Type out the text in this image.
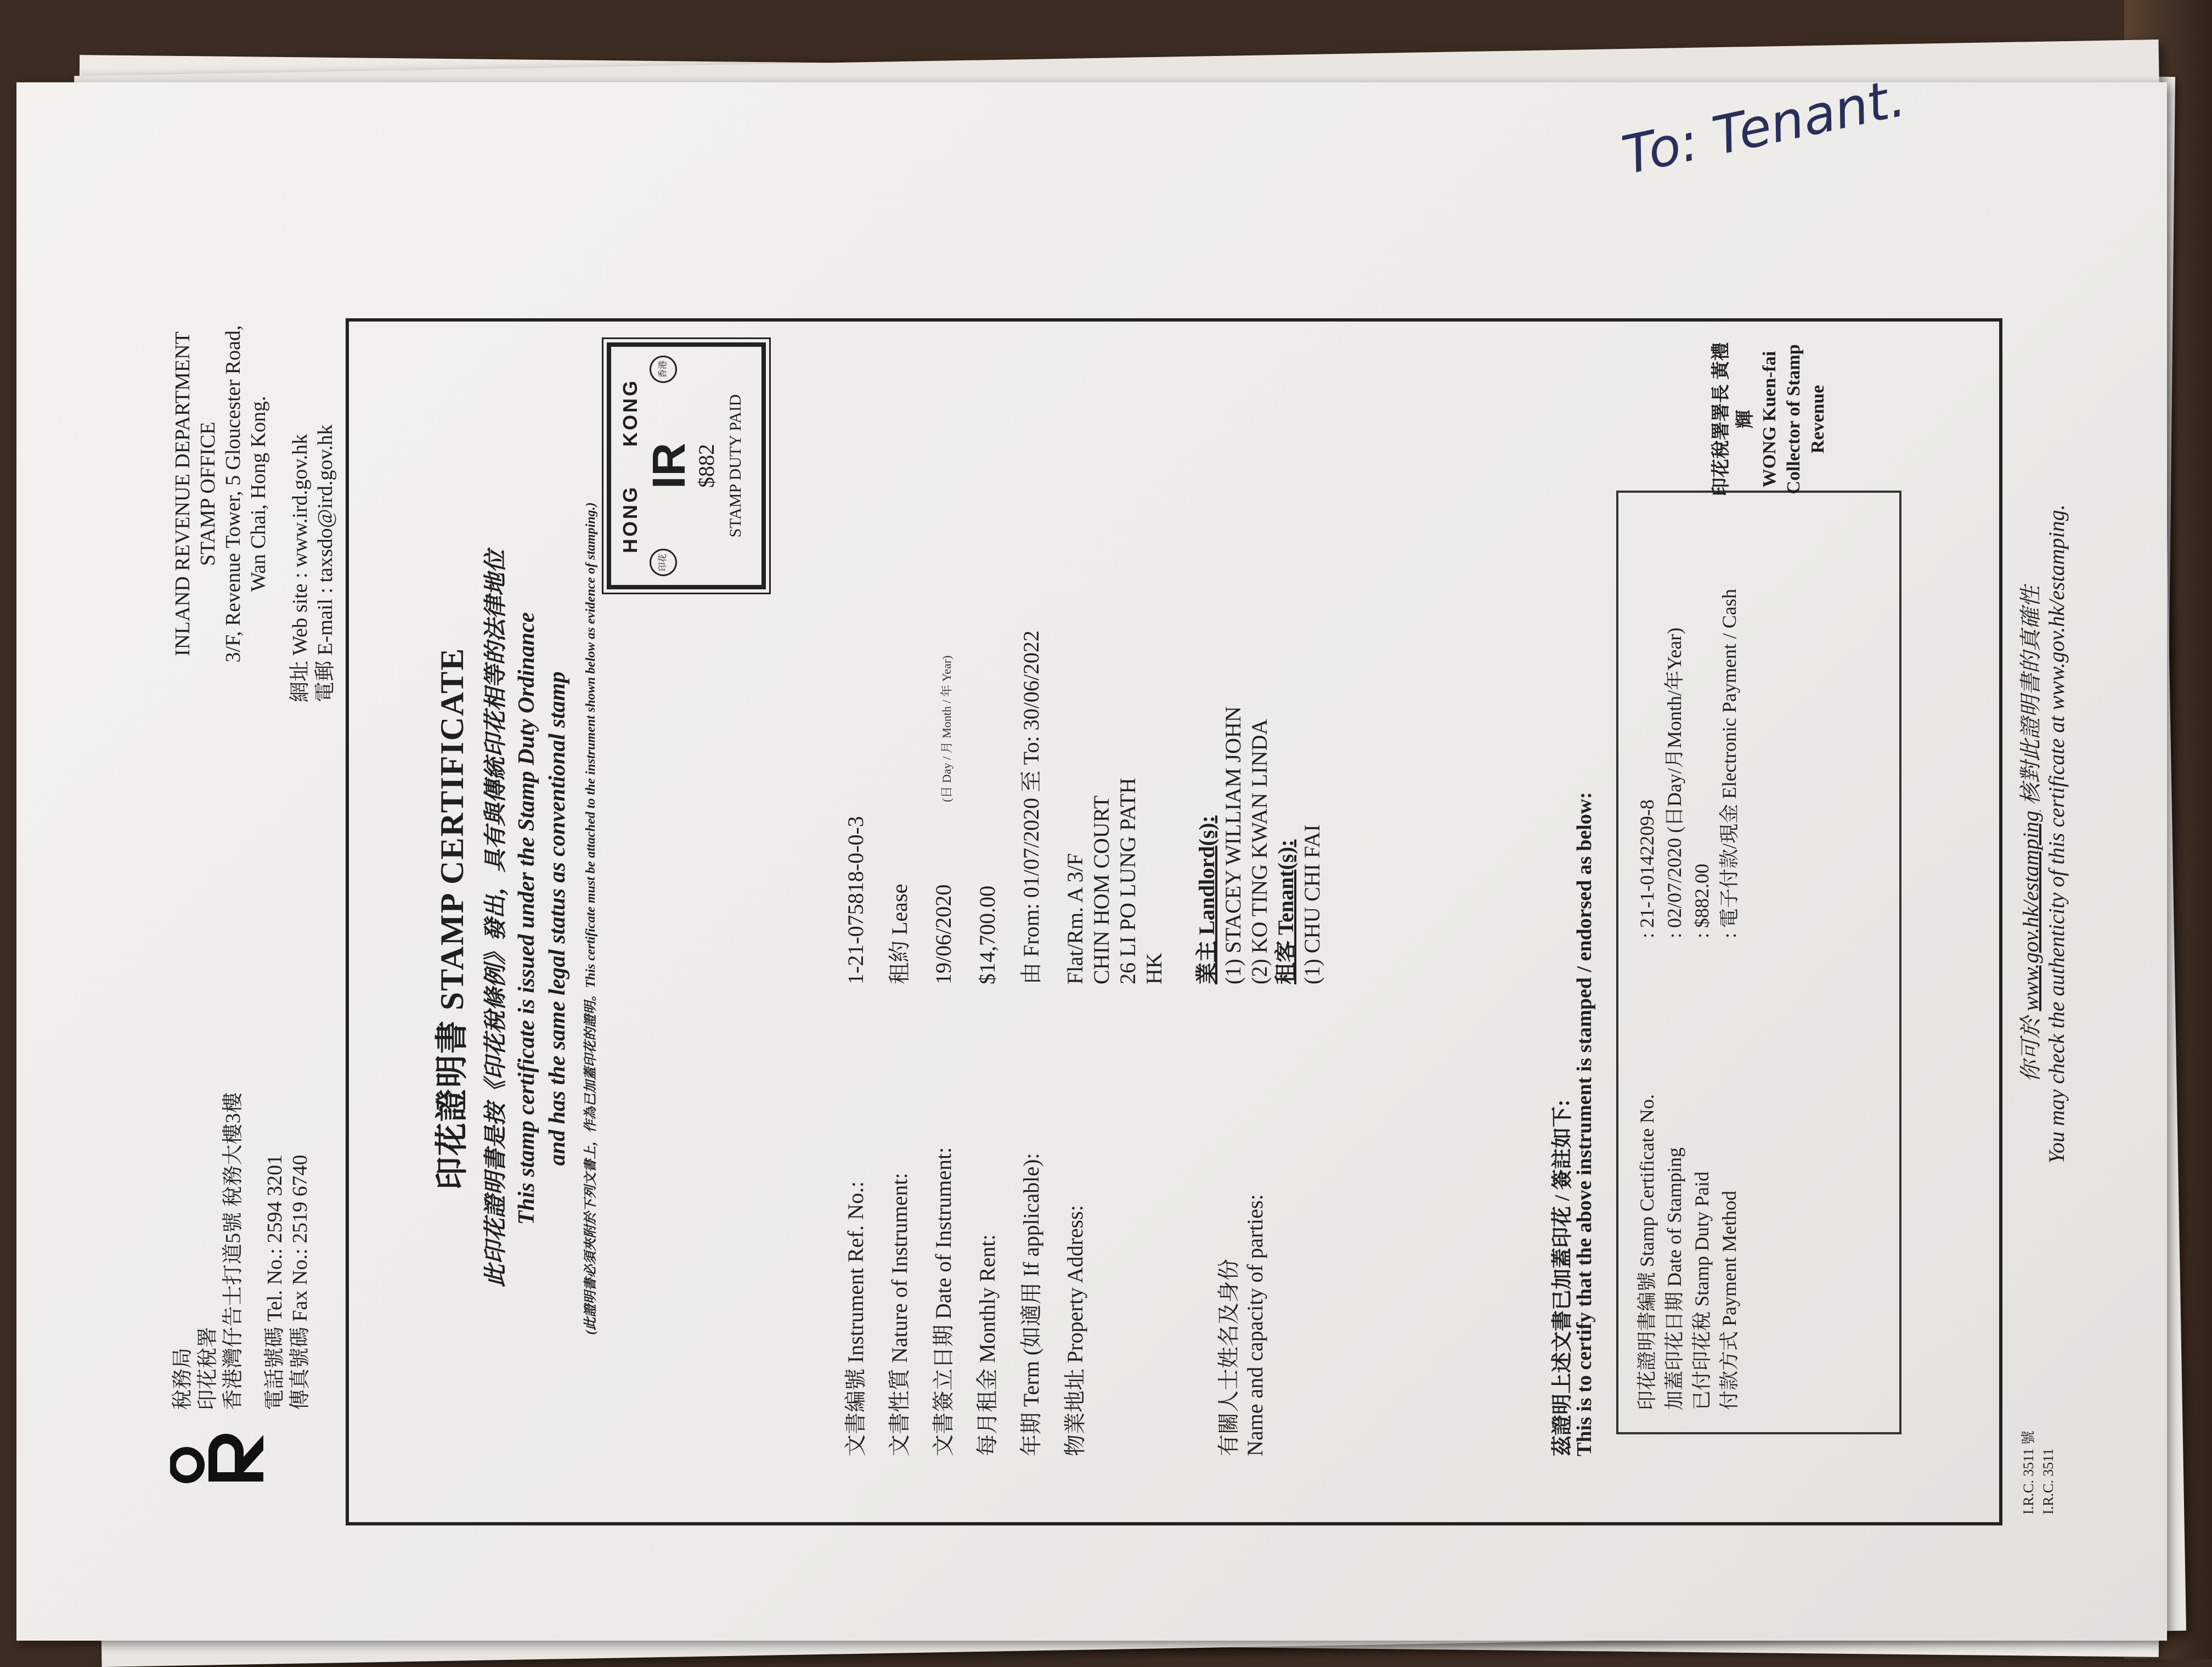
To: Tenant.
稅務局 印花稅署 香港灣仔告士打道5號 稅務大樓3樓 電話號碼 Tel. No.: 2594 3201 傳真號碼 Fax No.: 2519 6740
INLAND REVENUE DEPARTMENT STAMP OFFICE 3/F, Revenue Tower, 5 Gloucester Road, Wan Chai, Hong Kong. 網址 Web site : www.ird.gov.hk 電郵 E-mail : taxsdo@ird.gov.hk
印花證明書 STAMP CERTIFICATE 此印花證明書是按《印花稅條例》發出，具有與傳統印花相等的法律地位 This stamp certificate is issued under the Stamp Duty Ordinance and has the same legal status as conventional stamp	(此證明書必須夾附於下列文書上，作為已加蓋印花的證明。This certificate must be attached to the instrument shown below as evidence of stamping.) HONG     KONG
IR $882 STAMP DUTY PAID
印花
香港
文書編號 Instrument Ref. No.:
1-21-075818-0-0-3
文書性質 Nature of Instrument:
租約 Lease
文書簽立日期 Date of Instrument:
19/06/2020 (日 Day / 月 Month / 年 Year)
每月租金 Monthly Rent:
$14,700.00
年期 Term (如適用 If applicable):
由 From: 01/07/2020 至 To: 30/06/2022
物業地址 Property Address:
Flat/Rm. A 3/F CHIN HOM COURT 26 LI PO LUNG PATH HK
有關人士姓名及身份 Name and capacity of parties:
業主 Landlord(s): (1) STACEY WILLIAM JOHN (2) KO TING KWAN LINDA 租客 Tenant(s): (1) CHU CHI FAI
茲證明上述文書已加蓋印花 / 簽註如下:
This is to certify that the above instrument is stamped / endorsed as below: 印花證明書編號 Stamp Certificate No.
: 21-1-0142209-8
加蓋印花日期 Date of Stamping
: 02/07/2020 (日Day/月Month/年Year)
已付印花稅 Stamp Duty Paid
: $882.00
付款方式 Payment Method
: 電子付款/現金 Electronic Payment / Cash
印花稅署署長 黃禮輝 WONG Kuen-fai Collector of Stamp Revenue
I.R.C. 3511 號 I.R.C. 3511
你可於 www.gov.hk/estamping 核對此證明書的真確性 You may check the authenticity of this certificate at www.gov.hk/estamping.
